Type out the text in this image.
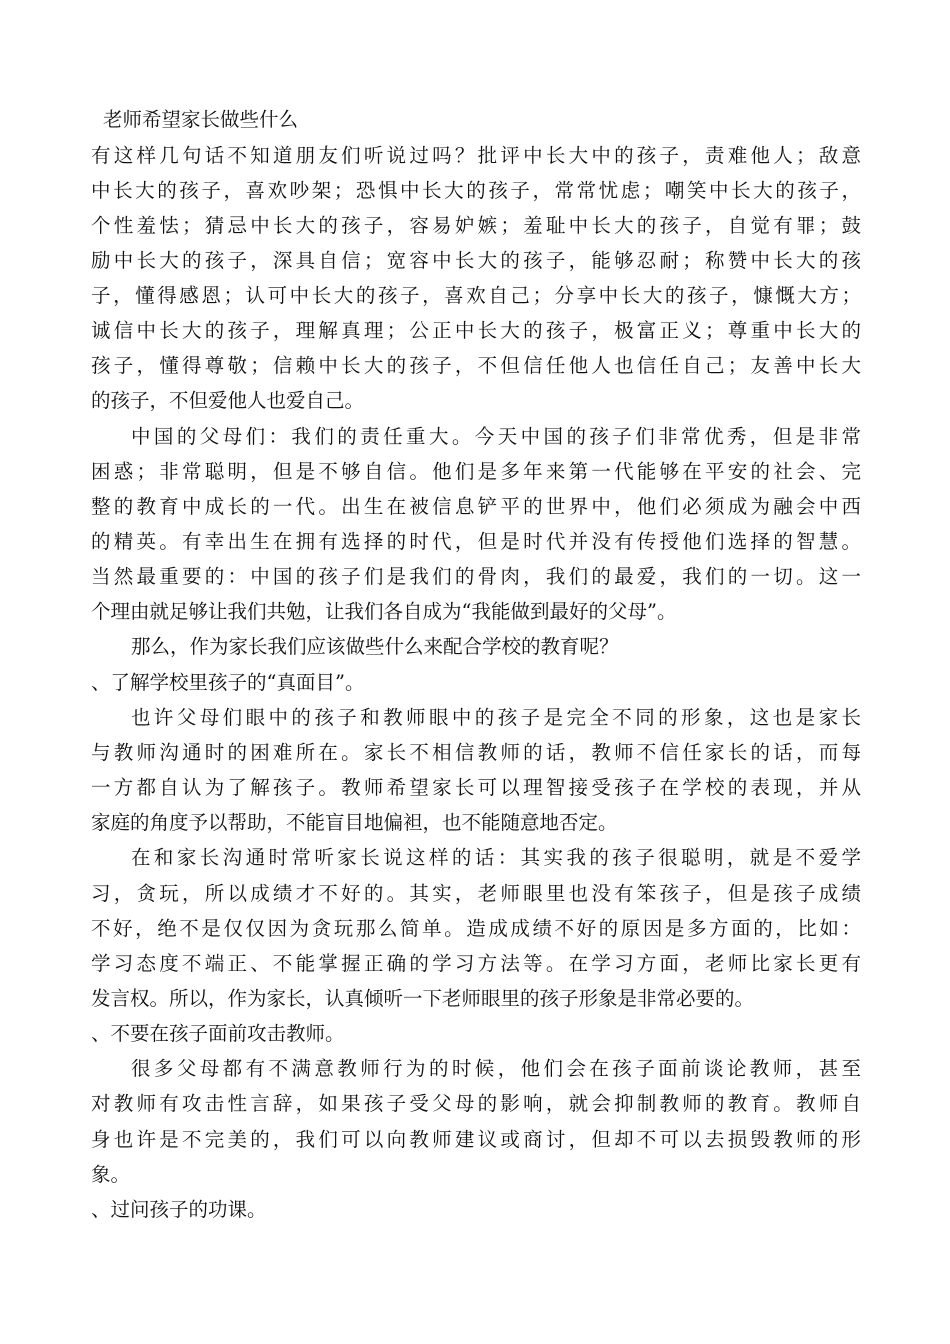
老师希望家长做些什么
有这样几句话不知道朋友们听说过吗？批评中长大中的孩子，责难他人；敌意
中长大的孩子，喜欢吵架；恐惧中长大的孩子，常常忧虑；嘲笑中长大的孩子，
个性羞怯；猜忌中长大的孩子，容易妒嫉；羞耻中长大的孩子，自觉有罪；鼓
励中长大的孩子，深具自信；宽容中长大的孩子，能够忍耐；称赞中长大的孩
子，懂得感恩；认可中长大的孩子，喜欢自己；分享中长大的孩子，慷慨大方；
诚信中长大的孩子，理解真理；公正中长大的孩子，极富正义；尊重中长大的
孩子，懂得尊敬；信赖中长大的孩子，不但信任他人也信任自己；友善中长大
的孩子，不但爱他人也爱自己。
中国的父母们：我们的责任重大。今天中国的孩子们非常优秀，但是非常
困惑；非常聪明，但是不够自信。他们是多年来第一代能够在平安的社会、完
整的教育中成长的一代。出生在被信息铲平的世界中，他们必须成为融会中西
的精英。有幸出生在拥有选择的时代，但是时代并没有传授他们选择的智慧。
当然最重要的：中国的孩子们是我们的骨肉，我们的最爱，我们的一切。这一
个理由就足够让我们共勉，让我们各自成为“我能做到最好的父母”。
那么，作为家长我们应该做些什么来配合学校的教育呢？
、了解学校里孩子的“真面目”。
也许父母们眼中的孩子和教师眼中的孩子是完全不同的形象，这也是家长
与教师沟通时的困难所在。家长不相信教师的话，教师不信任家长的话，而每
一方都自认为了解孩子。教师希望家长可以理智接受孩子在学校的表现，并从
家庭的角度予以帮助，不能盲目地偏袒，也不能随意地否定。
在和家长沟通时常听家长说这样的话：其实我的孩子很聪明，就是不爱学
习，贪玩，所以成绩才不好的。其实，老师眼里也没有笨孩子，但是孩子成绩
不好，绝不是仅仅因为贪玩那么简单。造成成绩不好的原因是多方面的，比如：
学习态度不端正、不能掌握正确的学习方法等。在学习方面，老师比家长更有
发言权。所以，作为家长，认真倾听一下老师眼里的孩子形象是非常必要的。
、不要在孩子面前攻击教师。
很多父母都有不满意教师行为的时候，他们会在孩子面前谈论教师，甚至
对教师有攻击性言辞，如果孩子受父母的影响，就会抑制教师的教育。教师自
身也许是不完美的，我们可以向教师建议或商讨，但却不可以去损毁教师的形
象。
、过问孩子的功课。
